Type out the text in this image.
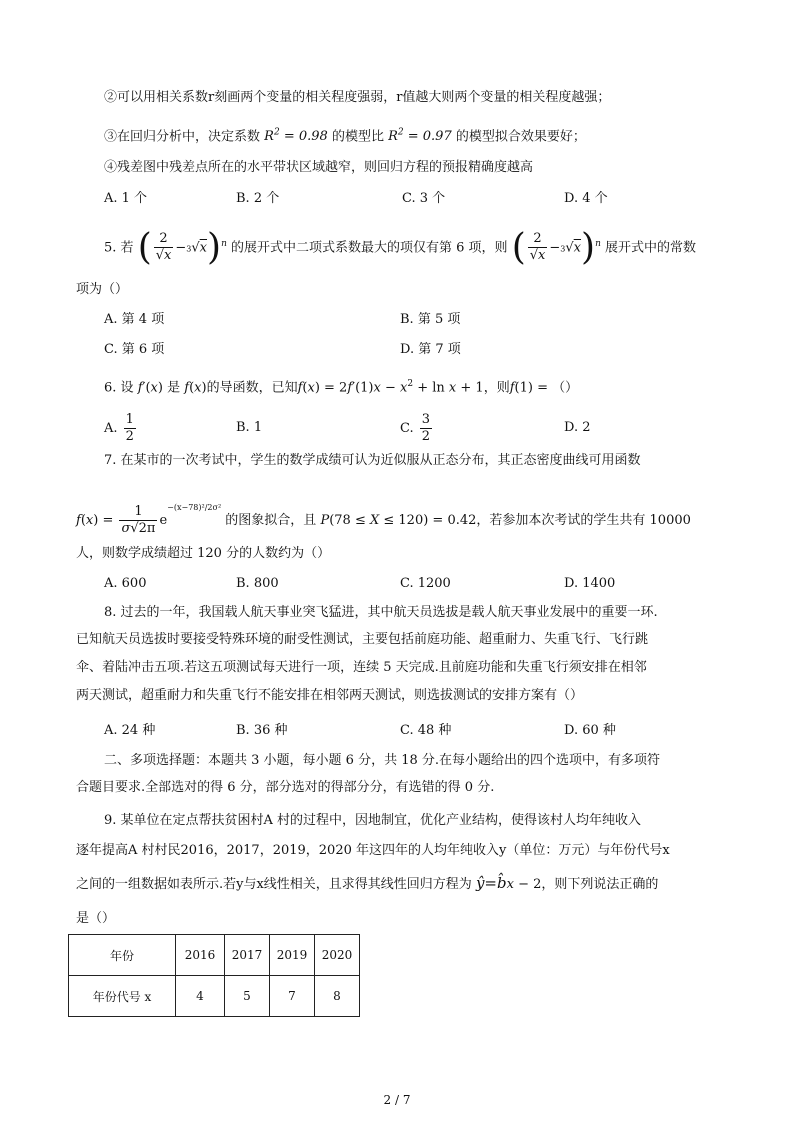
②可以用相关系数r刻画两个变量的相关程度强弱，r值越大则两个变量的相关程度越强；
③在回归分析中，决定系数 $R^2 = 0.98$ 的模型比 $R^2 = 0.97$ 的模型拟合效果要好；
④残差图中残差点所在的水平带状区域越窄，则回归方程的预报精确度越高
A. 1 个	B. 2 个	C. 3 个	D. 4 个
5. 若 ( $\frac{2}{√x} -3√x)^n$ 的展开式中二项式系数最大的项仅有第 6 项，则 ( $\frac{2}{√x} -3√x)^n$ 展开式中的常数
项为（）
A. 第 4 项	B. 第 5 项
C. 第 6 项	D. 第 7 项
6. 设 f′(x) 是 f(x)的导函数，已知$f(x) = 2f'(1)x - x^2 + \ln x + 1$，则f(1) = （）
A. $\frac{1}{2}$	B. 1	C. $\frac{3}{2}$	D. 2
7. 在某市的一次考试中，学生的数学成绩可认为近似服从正态分布，其正态密度曲线可用函数
$f(x) = \frac{1}{\sigma√2\pi} e^{-(x-78)^2/2\sigma^2}$ 的图象拟合，且 P(78 ≤ X ≤ 120) = 0.42，若参加本次考试的学生共有 10000
人，则数学成绩超过 120 分的人数约为（）
A. 600	B. 800	C. 1200	D. 1400
8. 过去的一年，我国载人航天事业突飞猛进，其中航天员选拔是载人航天事业发展中的重要一环.
已知航天员选拔时要接受特殊环境的耐受性测试，主要包括前庭功能、超重耐力、失重飞行、飞行跳
伞、着陆冲击五项.若这五项测试每天进行一项，连续 5 天完成.且前庭功能和失重飞行须安排在相邻
两天测试，超重耐力和失重飞行不能安排在相邻两天测试，则选拔测试的安排方案有（）
A. 24 种	B. 36 种	C. 48 种	D. 60 种
二、多项选择题：本题共 3 小题，每小题 6 分，共 18 分.在每小题给出的四个选项中，有多项符
合题目要求.全部选对的得 6 分，部分选对的得部分分，有选错的得 0 分.
9. 某单位在定点帮扶贫困村A 村的过程中，因地制宜，优化产业结构，使得该村人均年纯收入
逐年提高A 村村民2016，2017，2019，2020 年这四年的人均年纯收入y（单位：万元）与年份代号x
之间的一组数据如表所示.若y与x线性相关，且求得其线性回归方程为 ŷ=b̂x − 2，则下列说法正确的
是（）
年份	2016	2017	2019	2020
年份代号 x	4	5	7	8
2 / 7
